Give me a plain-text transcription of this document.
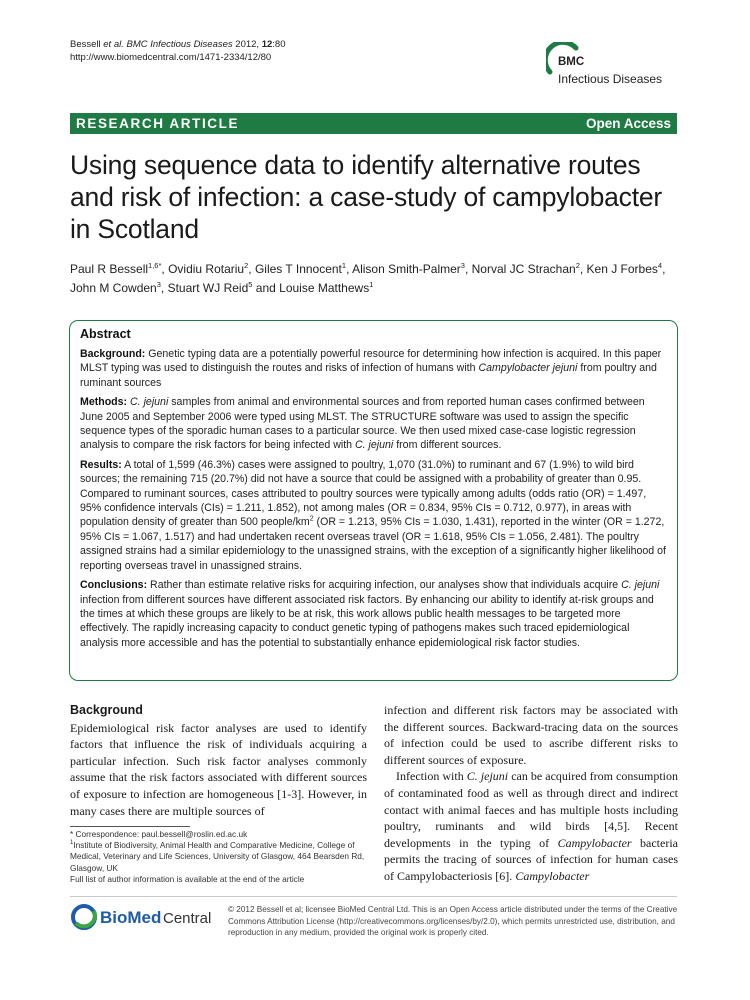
Bessell et al. BMC Infectious Diseases 2012, 12:80
http://www.biomedcentral.com/1471-2334/12/80	BMC
Infectious Diseases
RESEARCH ARTICLE	Open Access
Using sequence data to identify alternative routes and risk of infection: a case-study of campylobacter in Scotland
Paul R Bessell$^{1,6*}$, Ovidiu Rotariu$^2$, Giles T Innocent$^1$, Alison Smith-Palmer$^3$, Norval JC Strachan$^2$, Ken J Forbes$^4$,
John M Cowden$^3$, Stuart WJ Reid$^5$ and Louise Matthews$^1$
Abstract

Background: Genetic typing data are a potentially powerful resource for determining how infection is acquired. In this paper MLST typing was used to distinguish the routes and risks of infection of humans with Campylobacter jejuni from poultry and ruminant sources

Methods: C. jejuni samples from animal and environmental sources and from reported human cases confirmed between June 2005 and September 2006 were typed using MLST. The STRUCTURE software was used to assign the specific sequence types of the sporadic human cases to a particular source. We then used mixed case-case logistic regression analysis to compare the risk factors for being infected with C. jejuni from different sources.

Results: A total of 1,599 (46.3%) cases were assigned to poultry, 1,070 (31.0%) to ruminant and 67 (1.9%) to wild bird sources; the remaining 715 (20.7%) did not have a source that could be assigned with a probability of greater than 0.95. Compared to ruminant sources, cases attributed to poultry sources were typically among adults (odds ratio (OR) = 1.497, 95% confidence intervals (CIs) = 1.211, 1.852), not among males (OR = 0.834, 95% CIs = 0.712, 0.977), in areas with population density of greater than 500 people/$km^2$ (OR = 1.213, 95% CIs = 1.030, 1.431), reported in the winter (OR = 1.272, 95% CIs = 1.067, 1.517) and had undertaken recent overseas travel (OR = 1.618, 95% CIs = 1.056, 2.481). The poultry assigned strains had a similar epidemiology to the unassigned strains, with the exception of a significantly higher likelihood of reporting overseas travel in unassigned strains.

Conclusions: Rather than estimate relative risks for acquiring infection, our analyses show that individuals acquire C. jejuni infection from different sources have different associated risk factors. By enhancing our ability to identify at-risk groups and the times at which these groups are likely to be at risk, this work allows public health messages to be targeted more effectively. The rapidly increasing capacity to conduct genetic typing of pathogens makes such traced epidemiological analysis more accessible and has the potential to substantially enhance epidemiological risk factor studies.

Background

Epidemiological risk factor analyses are used to identify factors that influence the risk of individuals acquiring a particular infection. Such risk factor analyses commonly assume that the risk factors associated with different sources of exposure to infection are homogeneous [1-3]. However, in many cases there are multiple sources of

infection and different risk factors may be associated with the different sources. Backward-tracing data on the sources of infection could be used to ascribe different risks to different sources of exposure.

Infection with C. jejuni can be acquired from consumption of contaminated food as well as through direct and indirect contact with animal faeces and has multiple hosts including poultry, ruminants and wild birds [4,5]. Recent developments in the typing of Campylobacter bacteria permits the tracing of sources of infection for human cases of Campylobacteriosis [6]. Campylobacter

* Correspondence: paul.bessell@roslin.ed.ac.uk
$^1$Institute of Biodiversity, Animal Health and Comparative Medicine, College of Medical, Veterinary and Life Sciences, University of Glasgow, 464 Bearsden Rd, Glasgow, UK
Full list of author information is available at the end of the article
BioMed Central
© 2012 Bessell et al; licensee BioMed Central Ltd. This is an Open Access article distributed under the terms of the Creative Commons Attribution License (http://creativecommons.org/licenses/by/2.0), which permits unrestricted use, distribution, and reproduction in any medium, provided the original work is properly cited.
